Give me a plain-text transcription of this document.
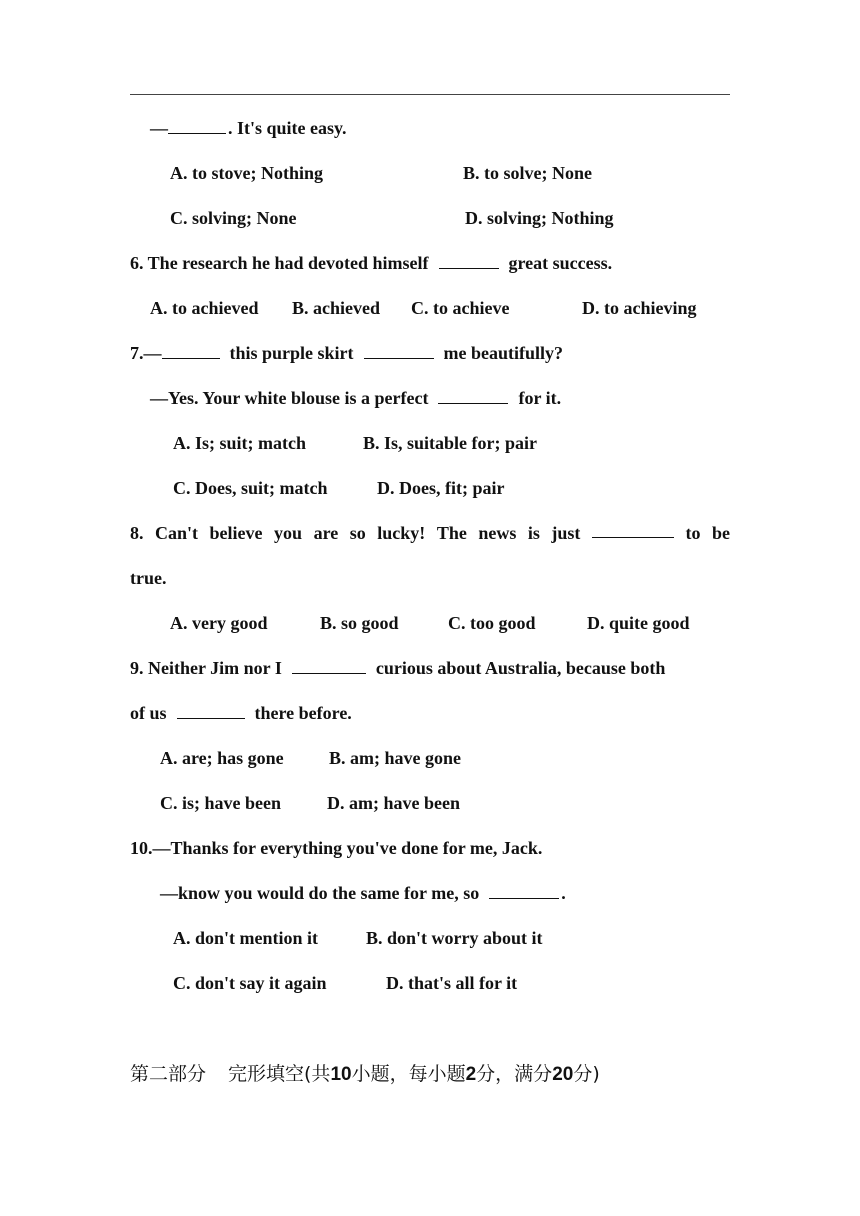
—	. It's quite easy.
A. to stove; Nothing	B. to solve; None
C. solving; None	D. solving; Nothing
6. The research he had devoted himself	great success.
A. to achieved B. achieved C. to achieve	D. to achieving
7.—	this purple skirt	me beautifully?
—Yes. Your white blouse is a perfect	for it.
A. Is; suit; match	B. Is, suitable for; pair
C. Does, suit; match	D. Does, fit; pair
8. Can't believe you are so lucky! The news is just	to be
true.
A. very good	B. so good	C. too good	D. quite good
9. Neither Jim nor I	curious about Australia, because both
of us	there before.
A. are; has gone	B. am; have gone
C. is; have been	D. am; have been
10.—Thanks for everything you've done for me, Jack.
—know you would do the same for me, so	.
A. don't mention it	B. don't worry about it
C. don't say it again	D. that's all for it
第二部分 完形填空(共10小题，每小题2分，满分20分)
